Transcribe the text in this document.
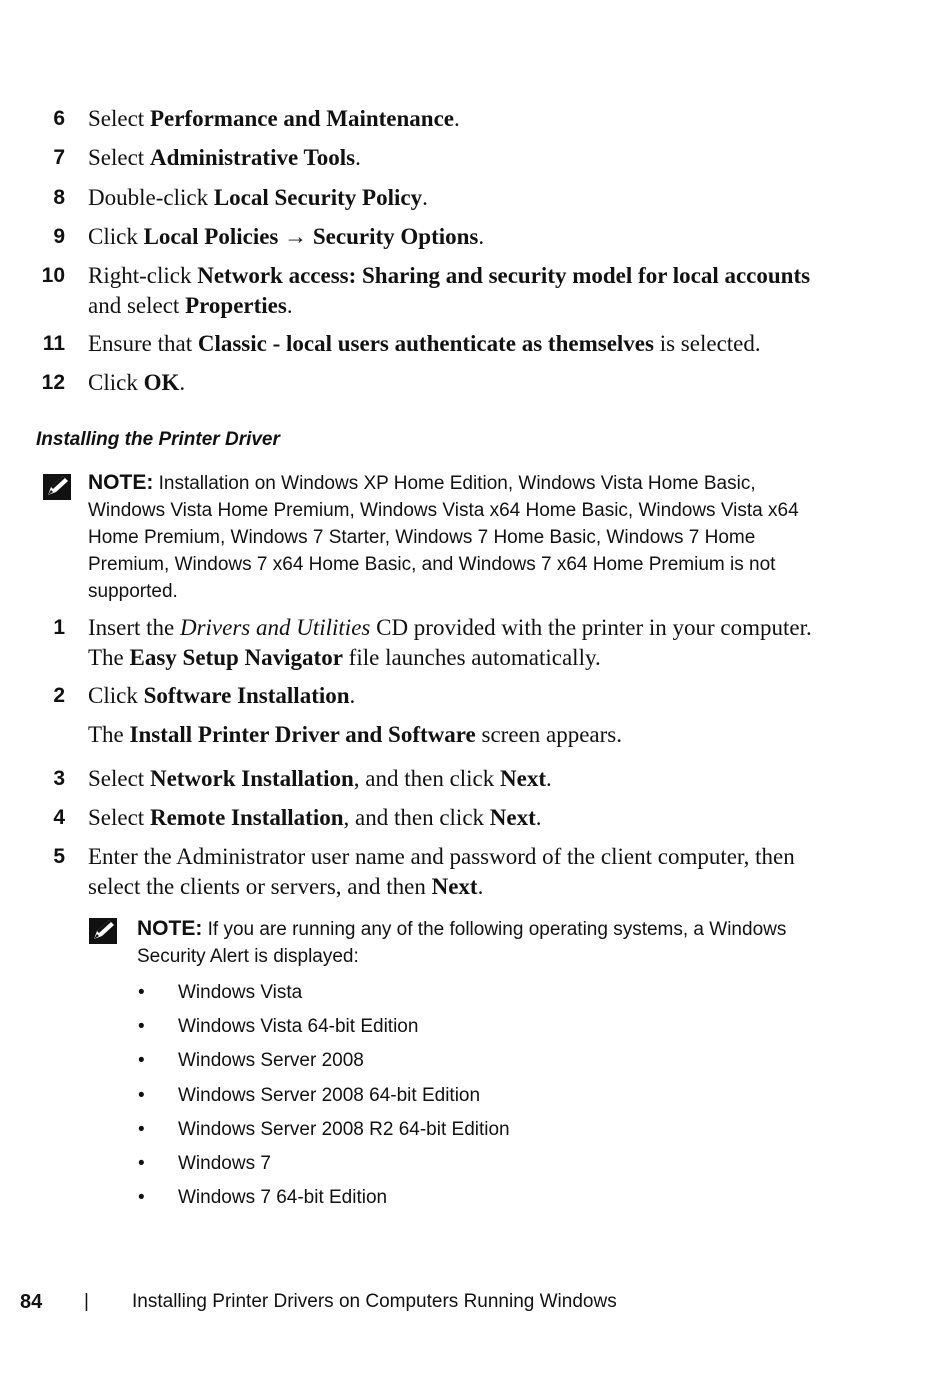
6 Select Performance and Maintenance.
7 Select Administrative Tools.
8 Double-click Local Security Policy.
9 Click Local Policies → Security Options.
10 Right-click Network access: Sharing and security model for local accounts and select Properties.
11 Ensure that Classic - local users authenticate as themselves is selected.
12 Click OK.
Installing the Printer Driver
NOTE: Installation on Windows XP Home Edition, Windows Vista Home Basic, Windows Vista Home Premium, Windows Vista x64 Home Basic, Windows Vista x64 Home Premium, Windows 7 Starter, Windows 7 Home Basic, Windows 7 Home Premium, Windows 7 x64 Home Basic, and Windows 7 x64 Home Premium is not supported.
1 Insert the Drivers and Utilities CD provided with the printer in your computer. The Easy Setup Navigator file launches automatically.
2 Click Software Installation.
The Install Printer Driver and Software screen appears.
3 Select Network Installation, and then click Next.
4 Select Remote Installation, and then click Next.
5 Enter the Administrator user name and password of the client computer, then select the clients or servers, and then Next.
NOTE: If you are running any of the following operating systems, a Windows Security Alert is displayed:
• Windows Vista
• Windows Vista 64-bit Edition
• Windows Server 2008
• Windows Server 2008 64-bit Edition
• Windows Server 2008 R2 64-bit Edition
• Windows 7
• Windows 7 64-bit Edition
84 | Installing Printer Drivers on Computers Running Windows
